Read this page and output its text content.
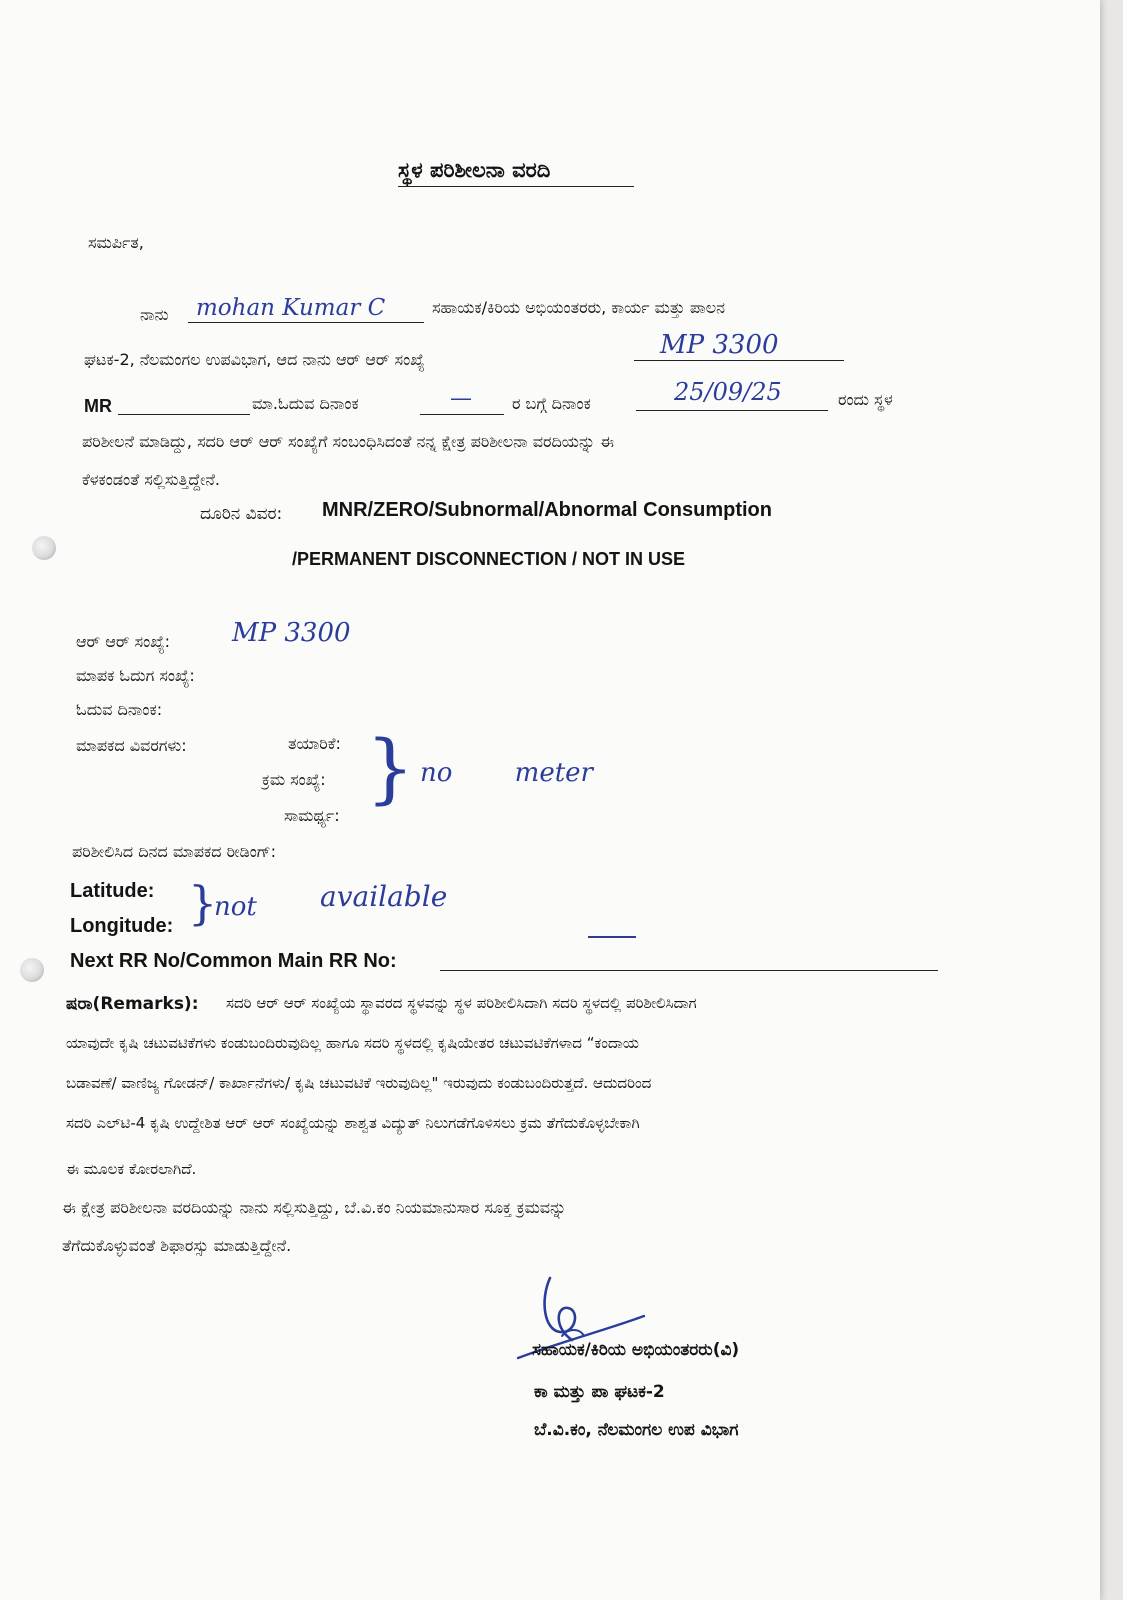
ಸ್ಥಳ ಪರಿಶೀಲನಾ ವರದಿ
ಸಮರ್ಪಿತ,
ನಾನು mohan Kumar C	ಸಹಾಯಕ/ಕಿರಿಯ ಅಭಿಯಂತರರು, ಕಾರ್ಯ ಮತ್ತು ಪಾಲನ
ಘಟಕ-2, ನೆಲಮಂಗಲ ಉಪವಿಭಾಗ, ಆದ ನಾನು ಆರ್ ಆರ್ ಸಂಖ್ಯೆ	MP 3300
MR	ಮಾ.ಓದುವ ದಿನಾಂಕ	—	ರ ಬಗ್ಗೆ ದಿನಾಂಕ	25/09/25	ರಂದು ಸ್ಥಳ
ಪರಿಶೀಲನೆ ಮಾಡಿದ್ದು, ಸದರಿ ಆರ್ ಆರ್ ಸಂಖ್ಯೆಗೆ ಸಂಬಂಧಿಸಿದಂತೆ ನನ್ನ ಕ್ಷೇತ್ರ ಪರಿಶೀಲನಾ ವರದಿಯನ್ನು ಈ
ಕೆಳಕಂಡಂತೆ ಸಲ್ಲಿಸುತ್ತಿದ್ದೇನೆ.
ದೂರಿನ ವಿವರ: MNR/ZERO/Subnormal/Abnormal Consumption
/PERMANENT DISCONNECTION / NOT IN USE
ಆರ್ ಆರ್ ಸಂಖ್ಯೆ: MP 3300
ಮಾಪಕ ಓದುಗ ಸಂಖ್ಯೆ:
ಓದುವ ದಿನಾಂಕ:
ಮಾಪಕದ ವಿವರಗಳು:	ತಯಾರಿಕೆ:
ಕ್ರಮ ಸಂಖ್ಯೆ:
ಸಾಮರ್ಥ್ಯ:
} no meter
ಪರಿಶೀಲಿಸಿದ ದಿನದ ಮಾಪಕದ ರೀಡಿಂಗ್:
Latitude:
Longitude: }
not available
Next RR No/Common Main RR No:
ಷರಾ(Remarks): ಸದರಿ ಆರ್ ಆರ್ ಸಂಖ್ಯೆಯ ಸ್ಥಾವರದ ಸ್ಥಳವನ್ನು ಸ್ಥಳ ಪರಿಶೀಲಿಸಿದಾಗಿ ಸದರಿ ಸ್ಥಳದಲ್ಲಿ ಪರಿಶೀಲಿಸಿದಾಗ
ಯಾವುದೇ ಕೃಷಿ ಚಟುವಟಿಕೆಗಳು ಕಂಡುಬಂದಿರುವುದಿಲ್ಲ ಹಾಗೂ ಸದರಿ ಸ್ಥಳದಲ್ಲಿ ಕೃಷಿಯೇತರ ಚಟುವಟಿಕೆಗಳಾದ “ಕಂದಾಯ
ಬಡಾವಣೆ/ ವಾಣಿಜ್ಯ ಗೋಡನ್/ ಕಾರ್ಖಾನೆಗಳು/ ಕೃಷಿ ಚಟುವಟಿಕೆ ಇರುವುದಿಲ್ಲ" ಇರುವುದು ಕಂಡುಬಂದಿರುತ್ತದೆ. ಆದುದರಿಂದ
ಸದರಿ ಎಲ್‌ಟಿ-4 ಕೃಷಿ ಉದ್ದೇಶಿತ ಆರ್ ಆರ್ ಸಂಖ್ಯೆಯನ್ನು ಶಾಶ್ವತ ವಿದ್ಯುತ್ ನಿಲುಗಡೆಗೊಳಿಸಲು ಕ್ರಮ ತೆಗೆದುಕೊಳ್ಳಬೇಕಾಗಿ
ಈ ಮೂಲಕ ಕೋರಲಾಗಿದೆ.
ಈ ಕ್ಷೇತ್ರ ಪರಿಶೀಲನಾ ವರದಿಯನ್ನು ನಾನು ಸಲ್ಲಿಸುತ್ತಿದ್ದು, ಬೆ.ವಿ.ಕಂ ನಿಯಮಾನುಸಾರ ಸೂಕ್ತ ಕ್ರಮವನ್ನು
ತೆಗೆದುಕೊಳ್ಳುವಂತೆ ಶಿಫಾರಸ್ಸು ಮಾಡುತ್ತಿದ್ದೇನೆ.
ಸಹಾಯಕ/ಕಿರಿಯ ಅಭಿಯಂತರರು(ವಿ)
ಕಾ ಮತ್ತು ಪಾ ಘಟಕ-2
ಬೆ.ವಿ.ಕಂ, ನೆಲಮಂಗಲ ಉಪ ವಿಭಾಗ
